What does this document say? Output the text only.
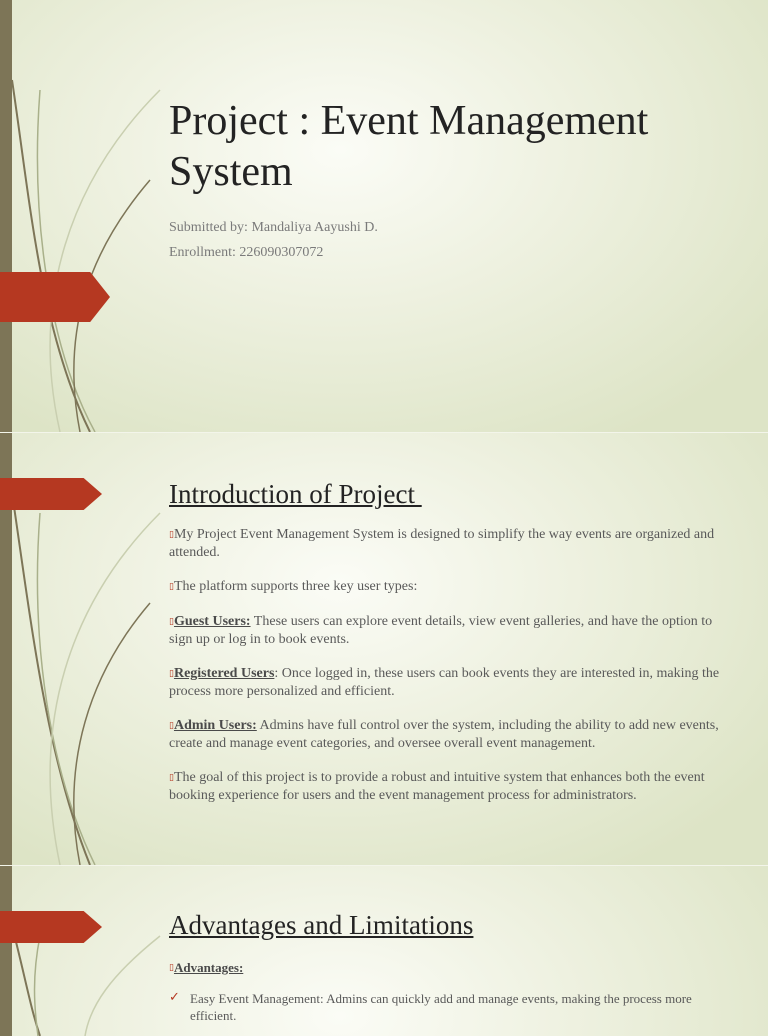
Project : Event Management
System
Submitted by: Mandaliya Aayushi D.
Enrollment: 226090307072
Introduction of Project

▯My Project Event Management System is designed to simplify the way events are organized and attended.

▯The platform supports three key user types:

▯Guest Users: These users can explore event details, view event galleries, and have the option to sign up or log in to book events.

▯Registered Users: Once logged in, these users can book events they are interested in, making the process more personalized and efficient.

▯Admin Users: Admins have full control over the system, including the ability to add new events, create and manage event categories, and oversee overall event management.

▯The goal of this project is to provide a robust and intuitive system that enhances both the event booking experience for users and the event management process for administrators.

Advantages and Limitations

▯Advantages:

✓ Easy Event Management: Admins can quickly add and manage events, making the process more efficient.
